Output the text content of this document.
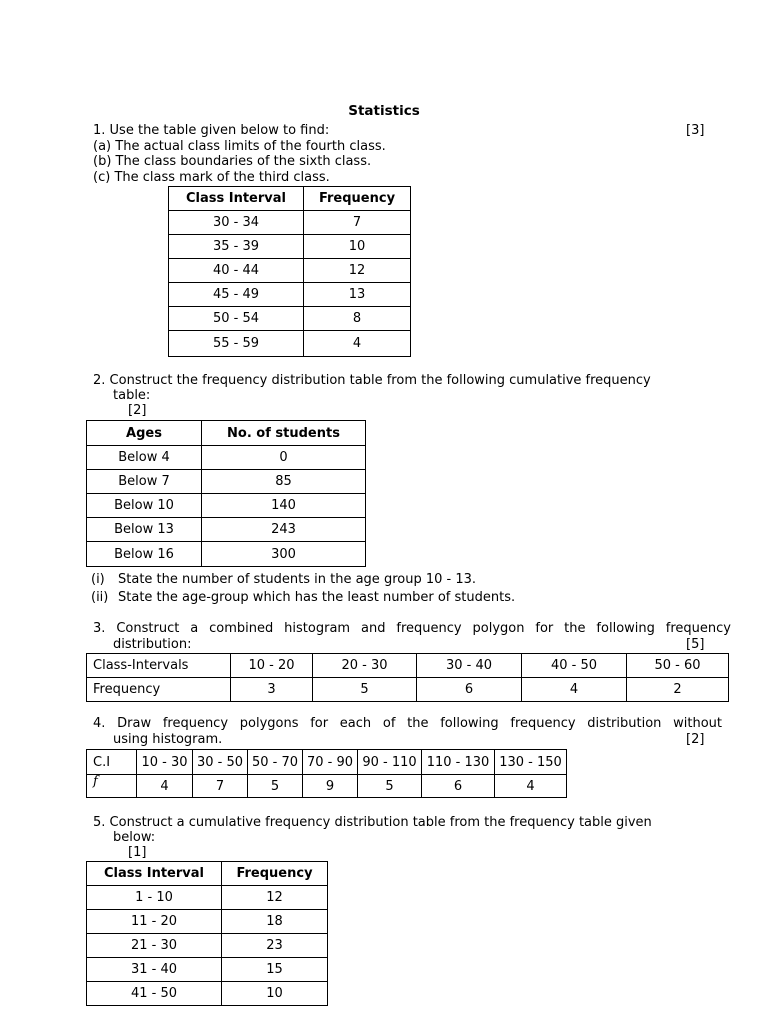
Statistics
1. Use the table given below to find:	[3]
(a) The actual class limits of the fourth class.
(b) The class boundaries of the sixth class.
(c) The class mark of the third class.
Class Interval	Frequency
30 - 34	7
35 - 39	10
40 - 44	12
45 - 49	13
50 - 54	8
55 - 59	4
2. Construct the frequency distribution table from the following cumulative frequency
table:
[2]
Ages	No. of students
Below 4	0
Below 7	85
Below 10	140
Below 13	243
Below 16	300
(i) State the number of students in the age group 10 - 13.
(ii) State the age-group which has the least number of students.
3. Construct a combined histogram and frequency polygon for the following frequency
distribution:	[5]
Class-Intervals	10 - 20	20 - 30	30 - 40	40 - 50	50 - 60
Frequency	3	5	6	4	2
4. Draw frequency polygons for each of the following frequency distribution without
using histogram.	[2]
C.I	10 - 30	30 - 50	50 - 70	70 - 90	90 - 110	110 - 130	130 - 150
f	4	7	5	9	5	6	4
5. Construct a cumulative frequency distribution table from the frequency table given
below:
[1]
Class Interval	Frequency
1 - 10	12
11 - 20	18
21 - 30	23
31 - 40	15
41 - 50	10
